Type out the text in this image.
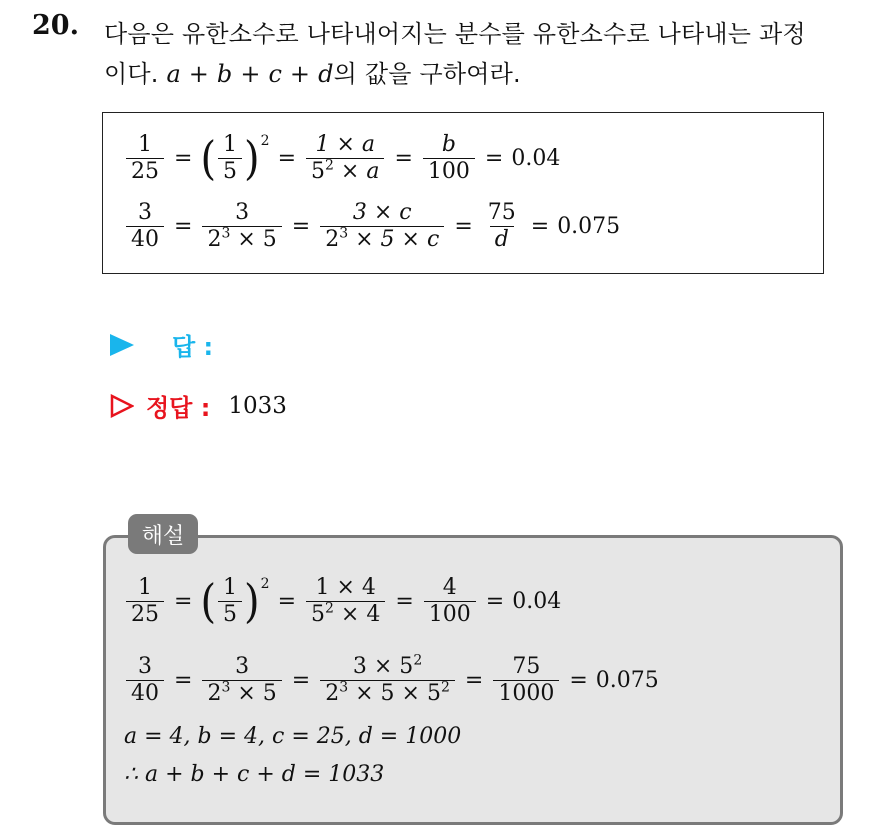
20. 다음은 유한소수로 나타내어지는 분수를 유한소수로 나타내는 과정
이다. a + b + c + d의 값을 구하여라.
$\frac{1}{25}$ = ( $\frac{1}{5}$ ) 2
= $\frac{1 \times a}{5^2 \times a} = \frac{b}{100} = 0.04$
$\frac{3}{40} = \frac{3}{2^3 \times 5} = \frac{3 \times c}{2^3 \times 5 \times c} = \frac{75}{d} = 0.075$
답 :
정답 : 1033
해설
$\frac{1}{25}$ = ( $\frac{1}{5}$ ) 2
= $\frac{1 \times 4}{5^2 \times 4} = \frac{4}{100} = 0.04$
$\frac{3}{40} = \frac{3}{2^3 \times 5} = \frac{3 \times 5^2}{2^3 \times 5 \times 5^2} = \frac{75}{1000} = 0.075$
a = 4, b = 4, c = 25, d = 1000
∴ a + b + c + d = 1033
